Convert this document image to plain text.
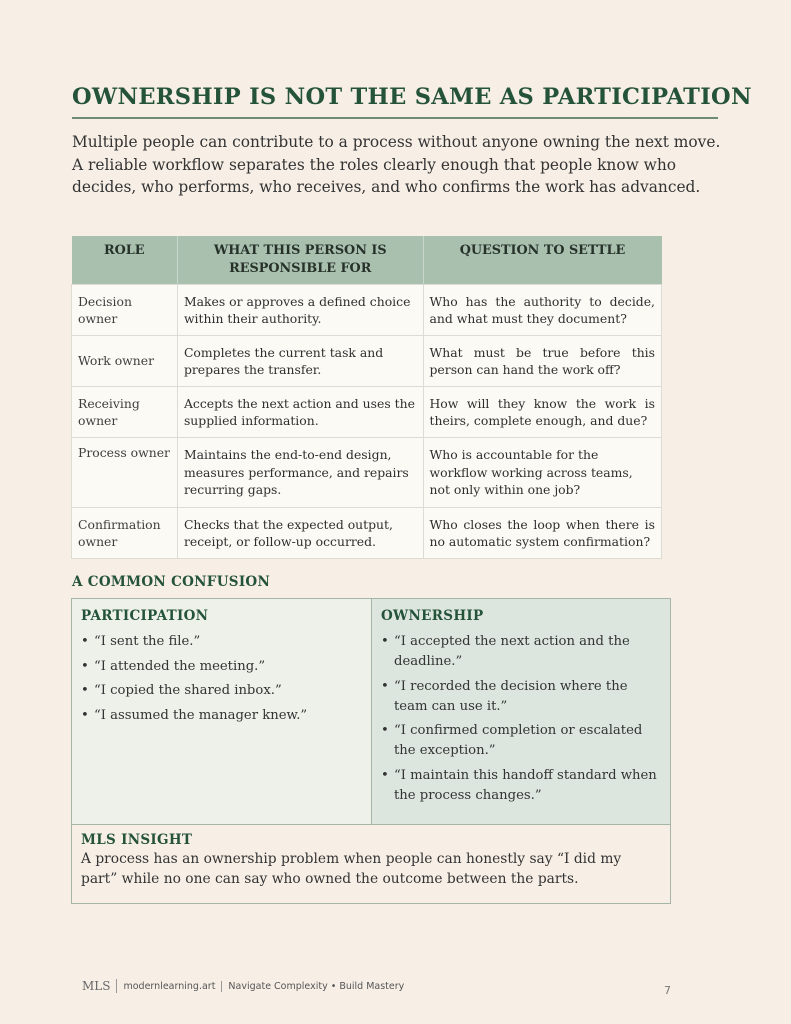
OWNERSHIP IS NOT THE SAME AS PARTICIPATION
Multiple people can contribute to a process without anyone owning the next move. A reliable workflow separates the roles clearly enough that people know who decides, who performs, who receives, and who confirms the work has advanced.
ROLE	WHAT THIS PERSON IS RESPONSIBLE FOR	QUESTION TO SETTLE
Decision owner	Makes or approves a defined choice within their authority.	Who has the authority to decide, and what must they document?
Work owner	Completes the current task and prepares the transfer.	What must be true before this person can hand the work off?
Receiving owner	Accepts the next action and uses the supplied information.	How will they know the work is theirs, complete enough, and due?
Process owner	Maintains the end-to-end design, measures performance, and repairs recurring gaps.	Who is accountable for the workflow working across teams, not only within one job?
Confirmation owner	Checks that the expected output, receipt, or follow-up occurred.	Who closes the loop when there is no automatic system confirmation?
A COMMON CONFUSION
PARTICIPATION
• “I sent the file.”
• “I attended the meeting.”
• “I copied the shared inbox.”
• “I assumed the manager knew.”
OWNERSHIP
• “I accepted the next action and the deadline.”
• “I recorded the decision where the team can use it.”
• “I confirmed completion or escalated the exception.”
• “I maintain this handoff standard when the process changes.”
MLS INSIGHT
A process has an ownership problem when people can honestly say “I did my part” while no one can say who owned the outcome between the parts.
MLS	modernlearning.art	Navigate Complexity • Build Mastery	7
